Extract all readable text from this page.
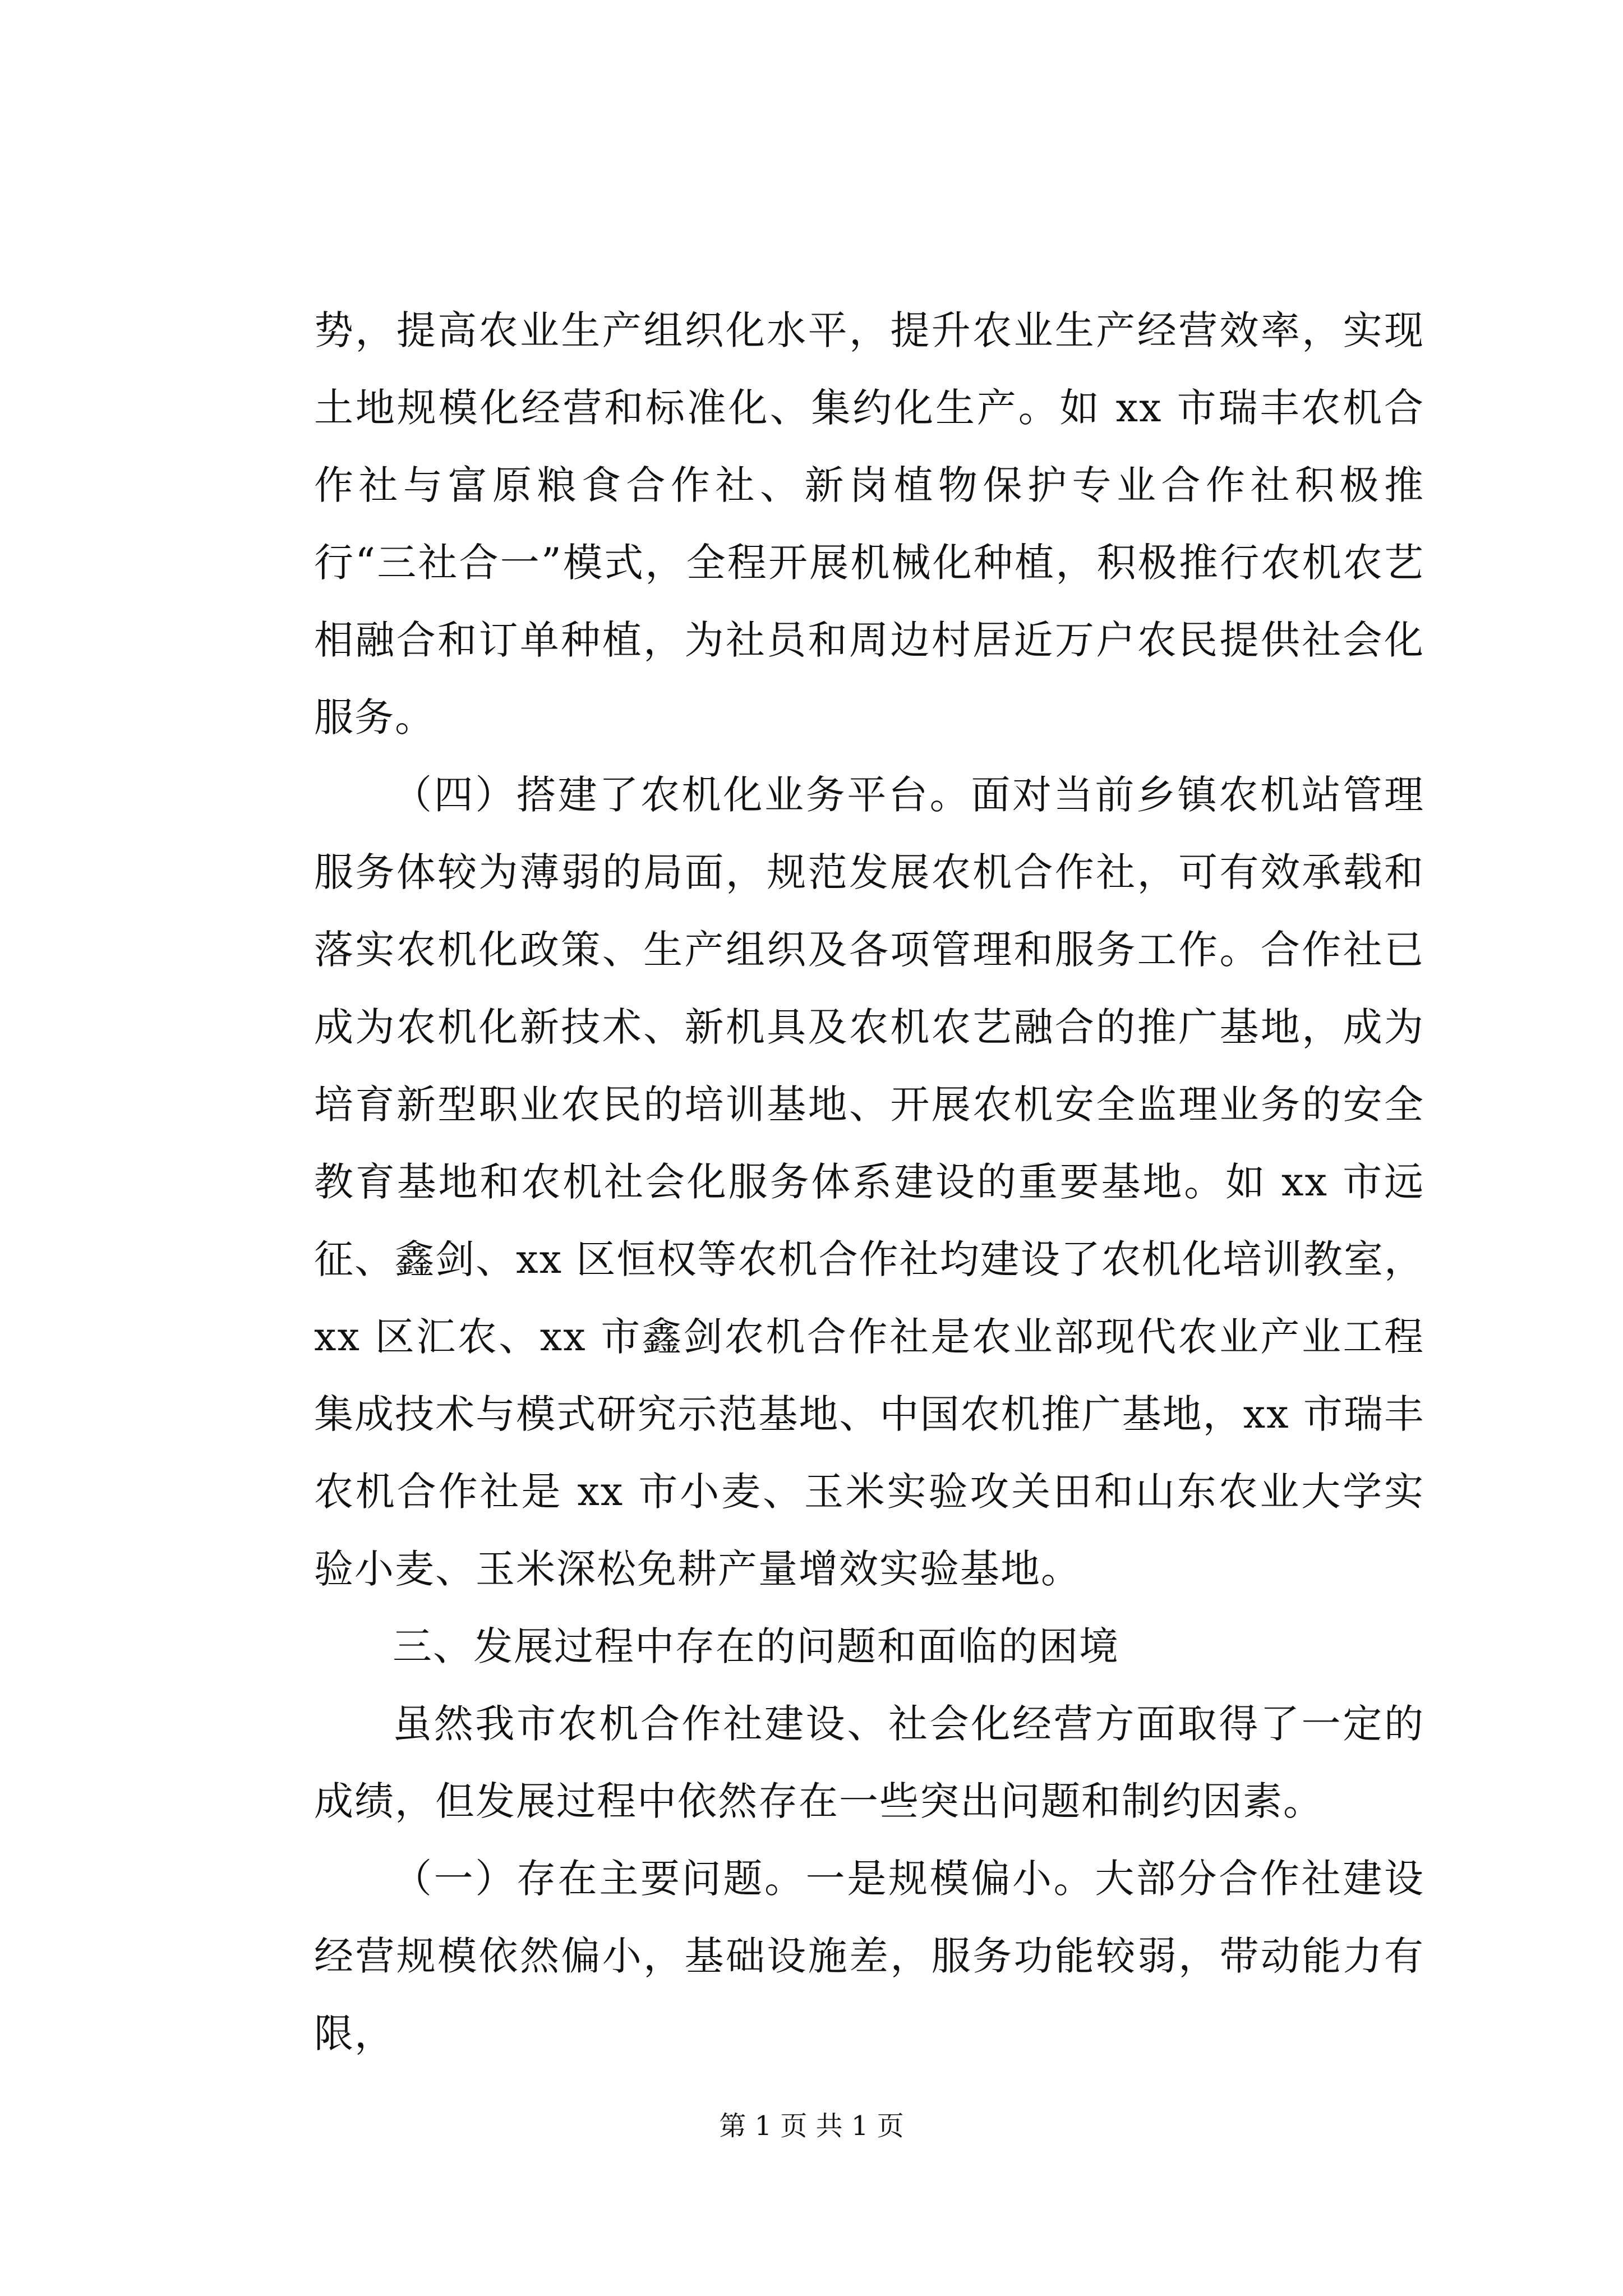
势，提高农业生产组织化水平，提升农业生产经营效率，实现土地规模化经营和标准化、集约化生产。如 xx 市瑞丰农机合作社与富原粮食合作社、新岗植物保护专业合作社积极推行“三社合一”模式，全程开展机械化种植，积极推行农机农艺相融合和订单种植，为社员和周边村居近万户农民提供社会化服务。

（四）搭建了农机化业务平台。面对当前乡镇农机站管理服务体较为薄弱的局面，规范发展农机合作社，可有效承载和落实农机化政策、生产组织及各项管理和服务工作。合作社已成为农机化新技术、新机具及农机农艺融合的推广基地，成为培育新型职业农民的培训基地、开展农机安全监理业务的安全教育基地和农机社会化服务体系建设的重要基地。如 xx 市远征、鑫剑、xx 区恒权等农机合作社均建设了农机化培训教室，xx 区汇农、xx 市鑫剑农机合作社是农业部现代农业产业工程集成技术与模式研究示范基地、中国农机推广基地，xx 市瑞丰农机合作社是 xx 市小麦、玉米实验攻关田和山东农业大学实验小麦、玉米深松免耕产量增效实验基地。

三、发展过程中存在的问题和面临的困境

虽然我市农机合作社建设、社会化经营方面取得了一定的成绩，但发展过程中依然存在一些突出问题和制约因素。

（一）存在主要问题。一是规模偏小。大部分合作社建设经营规模依然偏小，基础设施差，服务功能较弱，带动能力有限，

第 1 页 共 1 页
